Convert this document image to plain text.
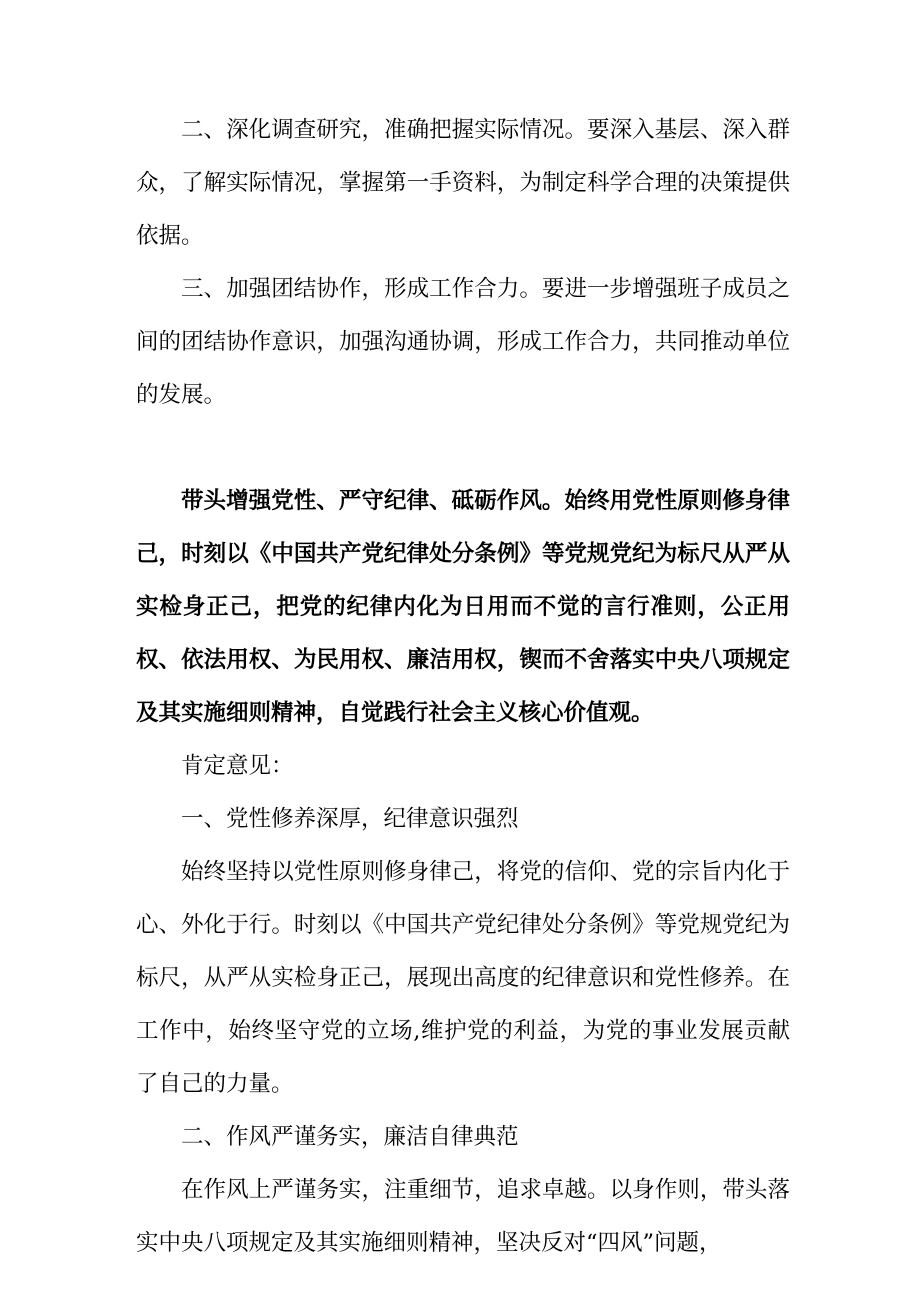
二、深化调查研究，准确把握实际情况。要深入基层、深入群众，了解实际情况，掌握第一手资料，为制定科学合理的决策提供依据。

三、加强团结协作，形成工作合力。要进一步增强班子成员之间的团结协作意识，加强沟通协调，形成工作合力，共同推动单位的发展。

带头增强党性、严守纪律、砥砺作风。始终用党性原则修身律己，时刻以《中国共产党纪律处分条例》等党规党纪为标尺从严从实检身正己，把党的纪律内化为日用而不觉的言行准则，公正用权、依法用权、为民用权、廉洁用权，锲而不舍落实中央八项规定及其实施细则精神，自觉践行社会主义核心价值观。

肯定意见：

一、党性修养深厚，纪律意识强烈

始终坚持以党性原则修身律己，将党的信仰、党的宗旨内化于心、外化于行。时刻以《中国共产党纪律处分条例》等党规党纪为标尺，从严从实检身正己，展现出高度的纪律意识和党性修养。在工作中，始终坚守党的立场,维护党的利益，为党的事业发展贡献了自己的力量。

二、作风严谨务实，廉洁自律典范

在作风上严谨务实，注重细节，追求卓越。以身作则，带头落实中央八项规定及其实施细则精神，坚决反对“四风”问题，
